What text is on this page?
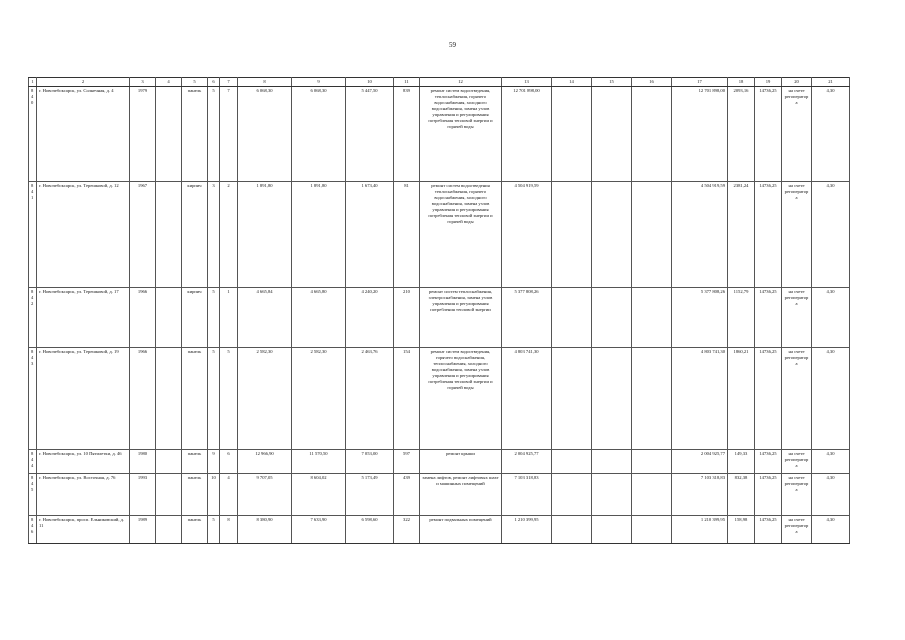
59
1	2	3	4	5	6	7	8	9	10	11	12	13	14	15	16	17	18	19	20	21
840	г. Новочебоксарск, ул. Солнечная, д. 4	1979		панель	5	7	6 068,30	6 068,30	5 447,50	839	ремонт систем водоотведения, теплоснабжения, горячего водоснабжения, холодного водоснабжения, замена узлов управления и регулирования потребления тепловой энергии и горячей воды	12 701 898,00				12 701 898,00	2093,16	14736,25	на счете регоператора	4,30
841	г. Новочебоксарск, ул. Терешковой, д. 12	1967		кирпич	3	2	1 891,80	1 891,80	1 673,40	81	ремонт систем водоотведения теплоснабжения, горячего водоснабжения, холодного водоснабжения, замена узлов управления и регулирования потребления тепловой энергии и горячей воды	4 504 919,59				4 504 919,59	2381,24	14736,25	на счете регоператора	4,30
842	г. Новочебоксарск, ул. Терешковой, д. 17	1966		кирпич	5	1	4 665,84	4 665,80	4 240,20	210	ремонт систем теплоснабжения, электроснабжения, замена узлов управления и регулирования потребления тепловой энергии	5 377 808,26				5 377 808,26	1152,79	14736,25	на счете регоператора	4,30
843	г. Новочебоксарск, ул. Терешковой, д. 19	1966		панель	5	5	2 582,30	2 582,30	2 463,76	154	ремонт систем водоотведения, горячего водоснабжения, теплоснабжения, холодного водоснабжения, замена узлов управления и регулирования потребления тепловой энергии и горячей воды	4 803 741,30				4 803 741,30	1860,21	14736,25	на счете регоператора	4,30
844	г. Новочебоксарск, ул. 10 Пятилетки, д. 46	1980		панель	9	6	12 966,90	11 570,50	7 053,00	597	ремонт крыши	2 004 925,77				2 004 925,77	149,33	14736,25	на счете регоператора	4,30
845	г. Новочебоксарск, ул. Восточная, д. 76	1993		панель	10	4	9 707,05	8 604,02	5 173,49	439	замена лифтов, ремонт лифтовых шахт и машинных помещений	7 103 318,83				7 103 318,83	832,38	14736,25	на счете регоператора	4,30
846	г. Новочебоксарск, просп. Ельниковский, д. 11	1989		панель	5	8	8 380,90	7 633,90	6 598,60	322	ремонт подвальных помещений	1 210 399,95				1 210 399,95	158,98	14736,25	на счете регоператора	4,30
